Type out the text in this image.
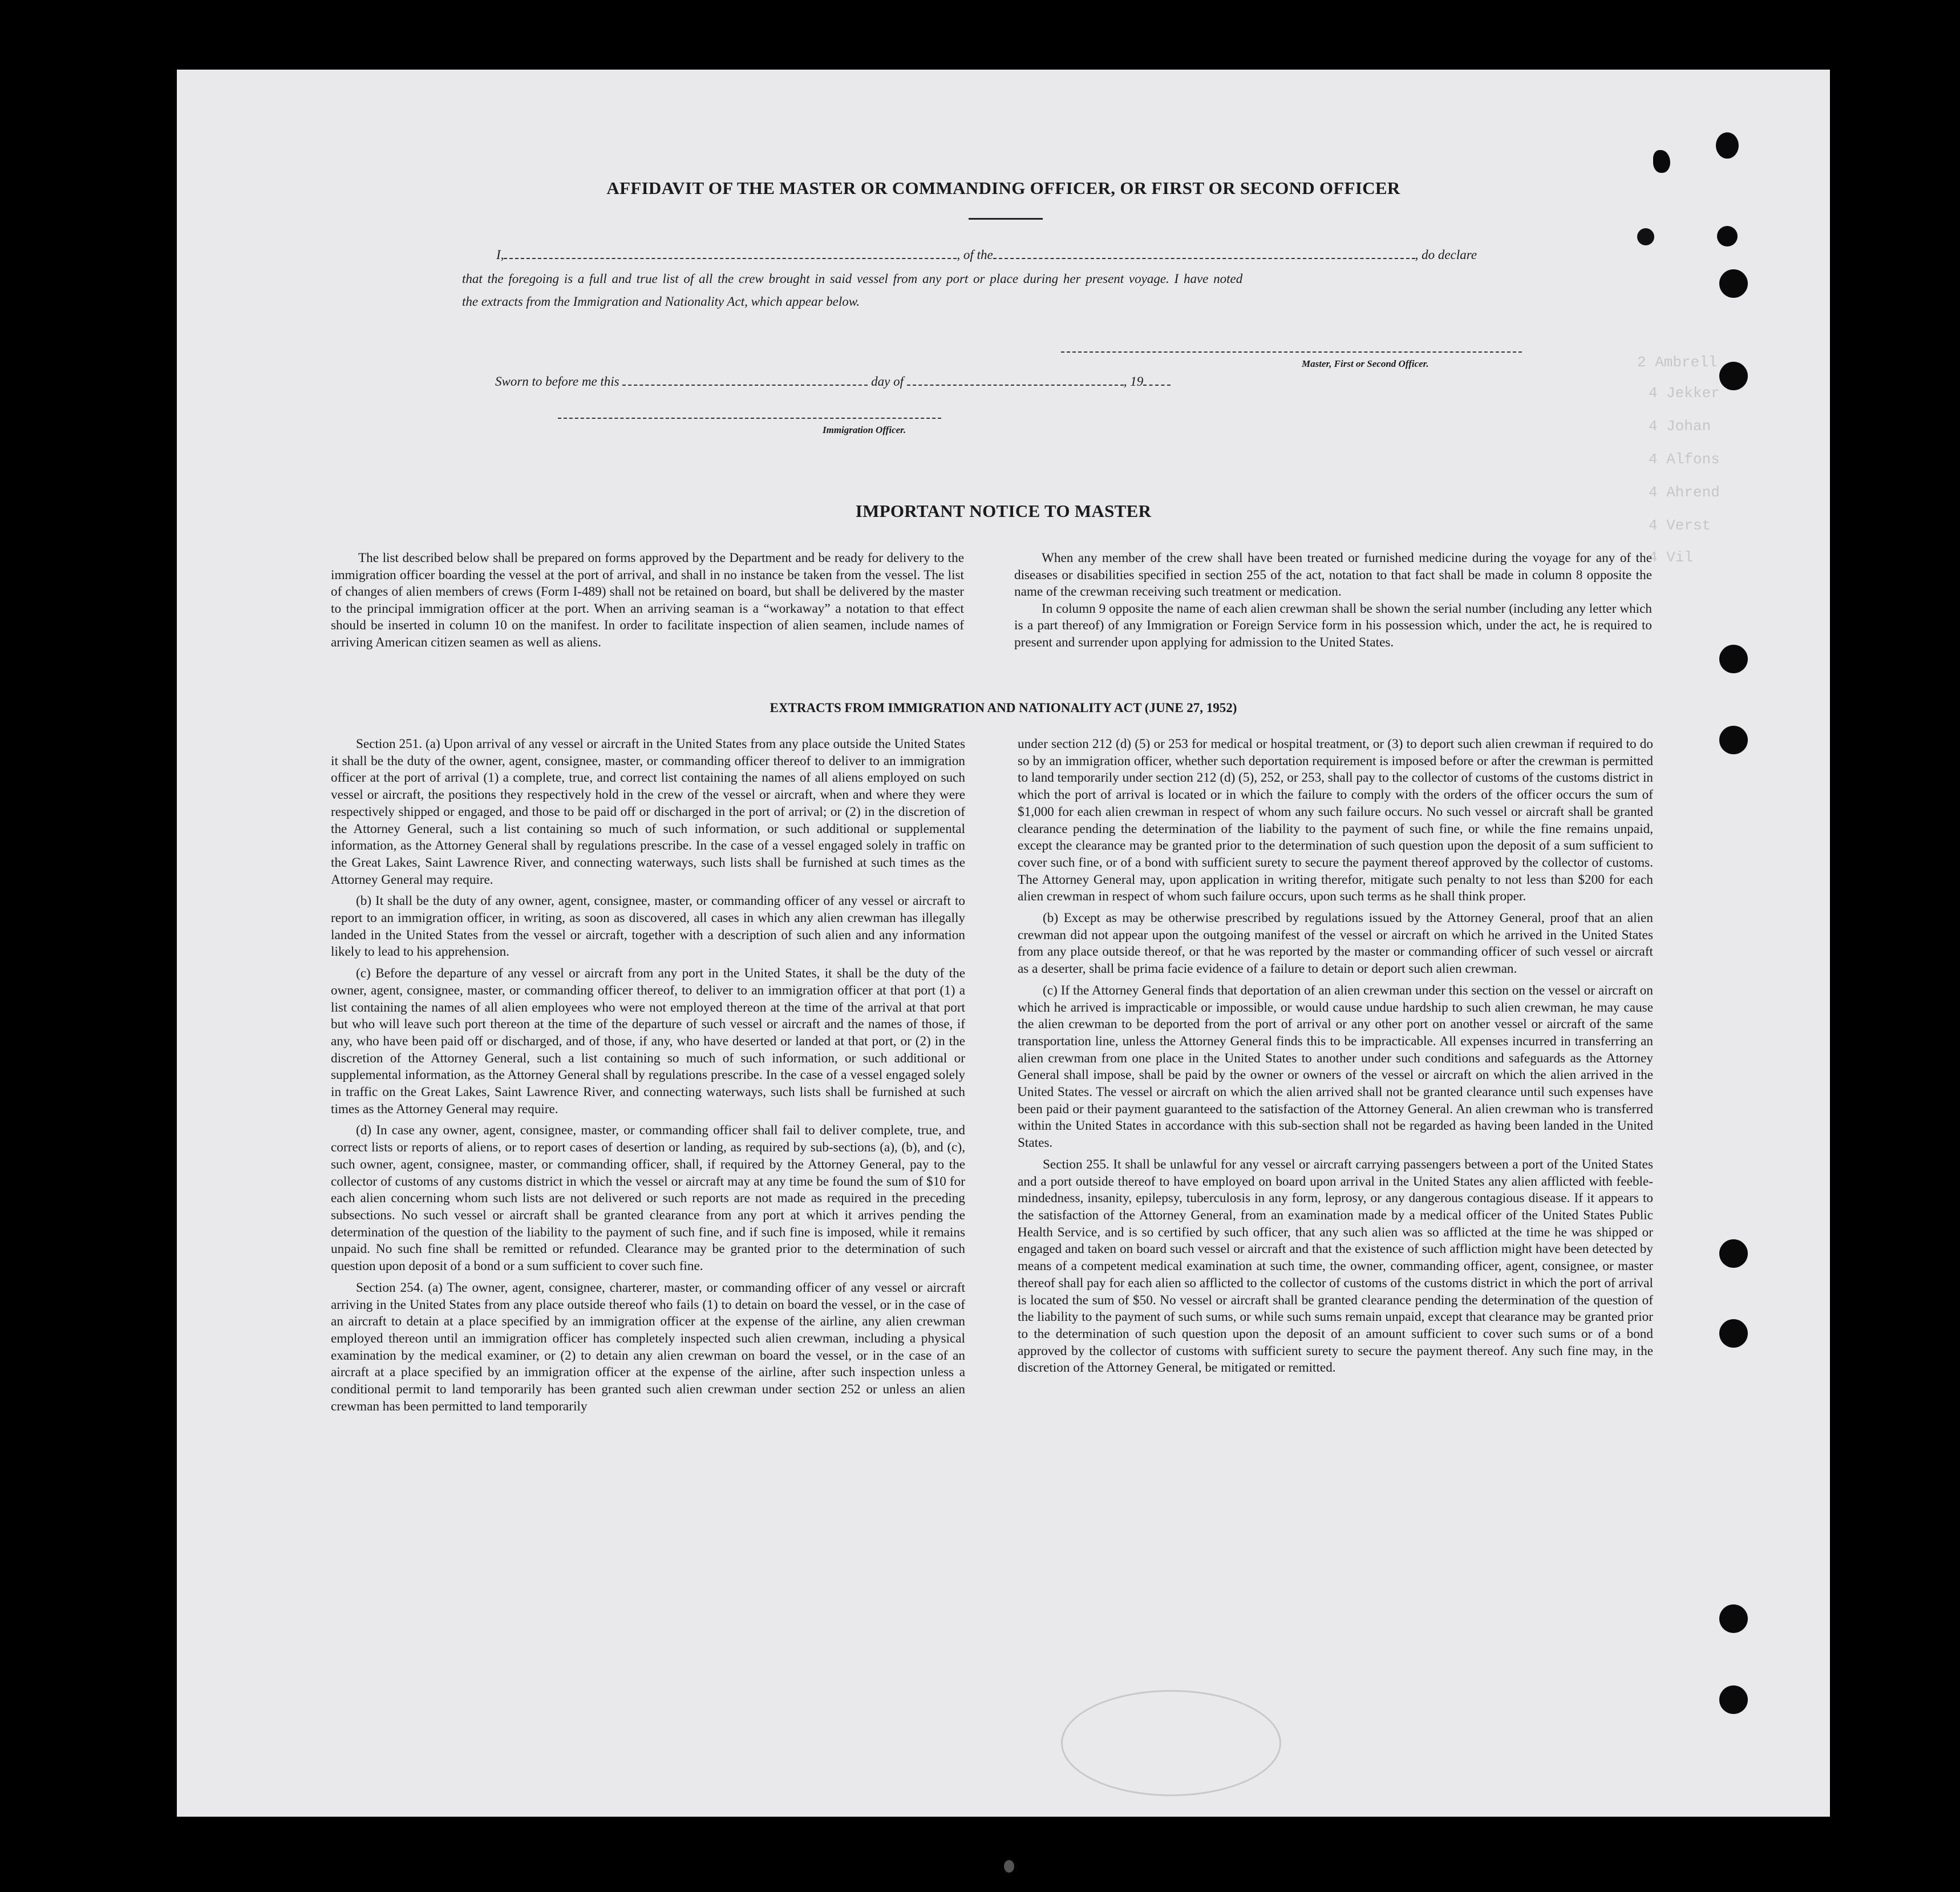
2 Ambrell
4 Jekker
4 Johan
4 Alfons
4 Ahrend
4 Verst
4 Vil
AFFIDAVIT OF THE MASTER OR COMMANDING OFFICER, OR FIRST OR SECOND OFFICER
I,	, of the	, do declare
that the foregoing is a full and true list of all the crew brought in said vessel from any port or place during her present voyage. I have noted
the extracts from the Immigration and Nationality Act, which appear below.
Master, First or Second Officer.
Sworn to before me this	day of	, 19
Immigration Officer.
IMPORTANT NOTICE TO MASTER

The list described below shall be prepared on forms approved by the Department and be ready for delivery to the immigration officer boarding the vessel at the port of arrival, and shall in no instance be taken from the vessel. The list of changes of alien members of crews (Form I-489) shall not be retained on board, but shall be delivered by the master to the principal immigration officer at the port. When an arriving seaman is a “workaway” a notation to that effect should be inserted in column 10 on the manifest. In order to facilitate inspection of alien seamen, include names of arriving American citizen seamen as well as aliens.

When any member of the crew shall have been treated or furnished medicine during the voyage for any of the diseases or disabilities specified in section 255 of the act, notation to that fact shall be made in column 8 opposite the name of the crewman receiving such treatment or medication.

In column 9 opposite the name of each alien crewman shall be shown the serial number (including any letter which is a part thereof) of any Immigration or Foreign Service form in his possession which, under the act, he is required to present and surrender upon applying for admission to the United States.

EXTRACTS FROM IMMIGRATION AND NATIONALITY ACT (JUNE 27, 1952)

Section 251. (a) Upon arrival of any vessel or aircraft in the United States from any place outside the United States it shall be the duty of the owner, agent, consignee, master, or commanding officer thereof to deliver to an immigration officer at the port of arrival (1) a complete, true, and correct list containing the names of all aliens employed on such vessel or aircraft, the positions they respectively hold in the crew of the vessel or aircraft, when and where they were respectively shipped or engaged, and those to be paid off or discharged in the port of arrival; or (2) in the discretion of the Attorney General, such a list containing so much of such information, or such additional or supplemental information, as the Attorney General shall by regulations prescribe. In the case of a vessel engaged solely in traffic on the Great Lakes, Saint Lawrence River, and connecting waterways, such lists shall be furnished at such times as the Attorney General may require.

(b) It shall be the duty of any owner, agent, consignee, master, or commanding officer of any vessel or aircraft to report to an immigration officer, in writing, as soon as discovered, all cases in which any alien crewman has illegally landed in the United States from the vessel or aircraft, together with a description of such alien and any information likely to lead to his apprehension.

(c) Before the departure of any vessel or aircraft from any port in the United States, it shall be the duty of the owner, agent, consignee, master, or commanding officer thereof, to deliver to an immigration officer at that port (1) a list containing the names of all alien employees who were not employed thereon at the time of the arrival at that port but who will leave such port thereon at the time of the departure of such vessel or aircraft and the names of those, if any, who have been paid off or discharged, and of those, if any, who have deserted or landed at that port, or (2) in the discretion of the Attorney General, such a list containing so much of such information, or such additional or supplemental information, as the Attorney General shall by regulations prescribe. In the case of a vessel engaged solely in traffic on the Great Lakes, Saint Lawrence River, and connecting waterways, such lists shall be furnished at such times as the Attorney General may require.

(d) In case any owner, agent, consignee, master, or commanding officer shall fail to deliver complete, true, and correct lists or reports of aliens, or to report cases of desertion or landing, as required by sub-sections (a), (b), and (c), such owner, agent, consignee, master, or commanding officer, shall, if required by the Attorney General, pay to the collector of customs of any customs district in which the vessel or aircraft may at any time be found the sum of $10 for each alien concerning whom such lists are not delivered or such reports are not made as required in the preceding subsections. No such vessel or aircraft shall be granted clearance from any port at which it arrives pending the determination of the question of the liability to the payment of such fine, and if such fine is imposed, while it remains unpaid. No such fine shall be remitted or refunded. Clearance may be granted prior to the determination of such question upon deposit of a bond or a sum sufficient to cover such fine.

Section 254. (a) The owner, agent, consignee, charterer, master, or commanding officer of any vessel or aircraft arriving in the United States from any place outside thereof who fails (1) to detain on board the vessel, or in the case of an aircraft to detain at a place specified by an immigration officer at the expense of the airline, any alien crewman employed thereon until an immigration officer has completely inspected such alien crewman, including a physical examination by the medical examiner, or (2) to detain any alien crewman on board the vessel, or in the case of an aircraft at a place specified by an immigration officer at the expense of the airline, after such inspection unless a conditional permit to land temporarily has been granted such alien crewman under section 252 or unless an alien crewman has been permitted to land temporarily

under section 212 (d) (5) or 253 for medical or hospital treatment, or (3) to deport such alien crewman if required to do so by an immigration officer, whether such deportation requirement is imposed before or after the crewman is permitted to land temporarily under section 212 (d) (5), 252, or 253, shall pay to the collector of customs of the customs district in which the port of arrival is located or in which the failure to comply with the orders of the officer occurs the sum of $1,000 for each alien crewman in respect of whom any such failure occurs. No such vessel or aircraft shall be granted clearance pending the determination of the liability to the payment of such fine, or while the fine remains unpaid, except the clearance may be granted prior to the determination of such question upon the deposit of a sum sufficient to cover such fine, or of a bond with sufficient surety to secure the payment thereof approved by the collector of customs. The Attorney General may, upon application in writing therefor, mitigate such penalty to not less than $200 for each alien crewman in respect of whom such failure occurs, upon such terms as he shall think proper.

(b) Except as may be otherwise prescribed by regulations issued by the Attorney General, proof that an alien crewman did not appear upon the outgoing manifest of the vessel or aircraft on which he arrived in the United States from any place outside thereof, or that he was reported by the master or commanding officer of such vessel or aircraft as a deserter, shall be prima facie evidence of a failure to detain or deport such alien crewman.

(c) If the Attorney General finds that deportation of an alien crewman under this section on the vessel or aircraft on which he arrived is impracticable or impossible, or would cause undue hardship to such alien crewman, he may cause the alien crewman to be deported from the port of arrival or any other port on another vessel or aircraft of the same transportation line, unless the Attorney General finds this to be impracticable. All expenses incurred in transferring an alien crewman from one place in the United States to another under such conditions and safeguards as the Attorney General shall impose, shall be paid by the owner or owners of the vessel or aircraft on which the alien arrived in the United States. The vessel or aircraft on which the alien arrived shall not be granted clearance until such expenses have been paid or their payment guaranteed to the satisfaction of the Attorney General. An alien crewman who is transferred within the United States in accordance with this sub-section shall not be regarded as having been landed in the United States.

Section 255. It shall be unlawful for any vessel or aircraft carrying passengers between a port of the United States and a port outside thereof to have employed on board upon arrival in the United States any alien afflicted with feeble-mindedness, insanity, epilepsy, tuberculosis in any form, leprosy, or any dangerous contagious disease. If it appears to the satisfaction of the Attorney General, from an examination made by a medical officer of the United States Public Health Service, and is so certified by such officer, that any such alien was so afflicted at the time he was shipped or engaged and taken on board such vessel or aircraft and that the existence of such affliction might have been detected by means of a competent medical examination at such time, the owner, commanding officer, agent, consignee, or master thereof shall pay for each alien so afflicted to the collector of customs of the customs district in which the port of arrival is located the sum of $50. No vessel or aircraft shall be granted clearance pending the determination of the question of the liability to the payment of such sums, or while such sums remain unpaid, except that clearance may be granted prior to the determination of such question upon the deposit of an amount sufficient to cover such sums or of a bond approved by the collector of customs with sufficient surety to secure the payment thereof. Any such fine may, in the discretion of the Attorney General, be mitigated or remitted.
